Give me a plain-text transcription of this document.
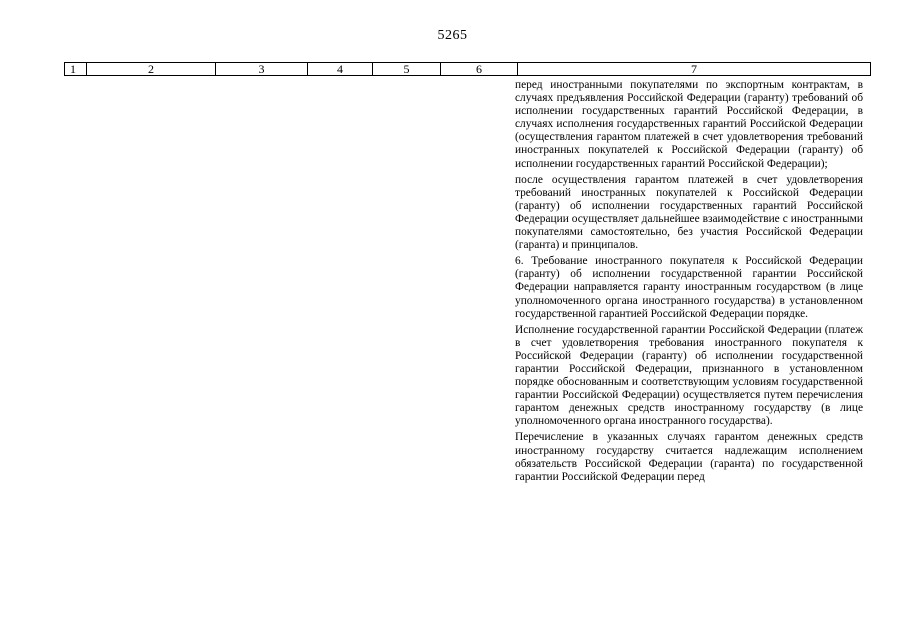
5265
1	2	3	4	5	6	7

перед иностранными покупателями по экспортным контрактам, в случаях предъявления Российской Федерации (гаранту) требований об исполнении государственных гарантий Российской Федерации, в случаях исполнения государственных гарантий Российской Федерации (осуществления гарантом платежей в счет удовлетворения требований иностранных покупателей к Российской Федерации (гаранту) об исполнении государственных гарантий Российской Федерации);

после осуществления гарантом платежей в счет удовлетворения требований иностранных покупателей к Российской Федерации (гаранту) об исполнении государственных гарантий Российской Федерации осуществляет дальнейшее взаимодействие с иностранными покупателями самостоятельно, без участия Российской Федерации (гаранта) и принципалов.

6. Требование иностранного покупателя к Российской Федерации (гаранту) об исполнении государственной гарантии Российской Федерации направляется гаранту иностранным государством (в лице уполномоченного органа иностранного государства) в установленном государственной гарантией Российской Федерации порядке.

Исполнение государственной гарантии Российской Федерации (платеж в счет удовлетворения требования иностранного покупателя к Российской Федерации (гаранту) об исполнении государственной гарантии Российской Федерации, признанного в установленном порядке обоснованным и соответствующим условиям государственной гарантии Российской Федерации) осуществляется путем перечисления гарантом денежных средств иностранному государству (в лице уполномоченного органа иностранного государства).

Перечисление в указанных случаях гарантом денежных средств иностранному государству считается надлежащим исполнением обязательств Российской Федерации (гаранта) по государственной гарантии Российской Федерации перед
